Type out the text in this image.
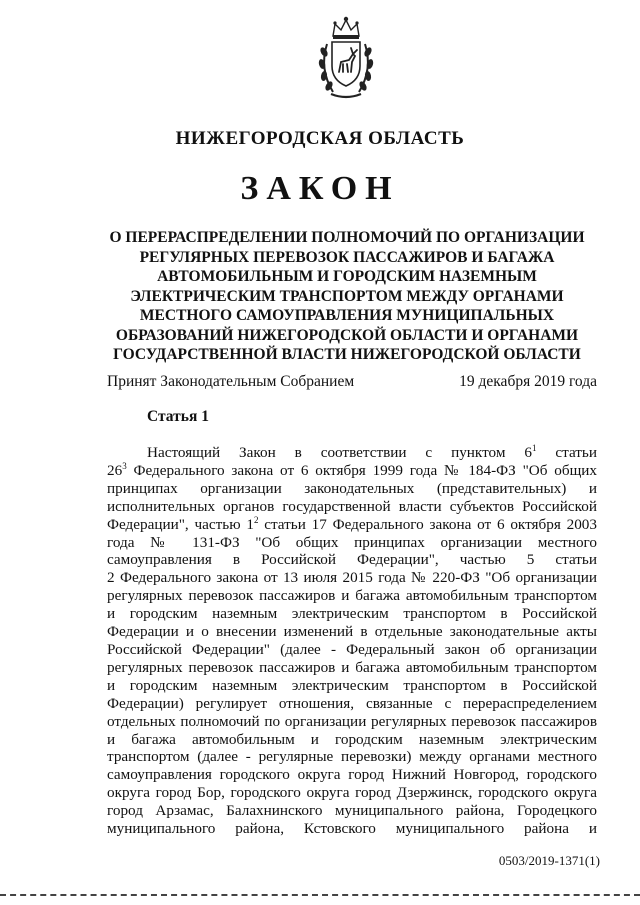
НИЖЕГОРОДСКАЯ ОБЛАСТЬ
ЗАКОН
О ПЕРЕРАСПРЕДЕЛЕНИИ ПОЛНОМОЧИЙ ПО ОРГАНИЗАЦИИ
РЕГУЛЯРНЫХ ПЕРЕВОЗОК ПАССАЖИРОВ И БАГАЖА
АВТОМОБИЛЬНЫМ И ГОРОДСКИМ НАЗЕМНЫМ
ЭЛЕКТРИЧЕСКИМ ТРАНСПОРТОМ МЕЖДУ ОРГАНАМИ
МЕСТНОГО САМОУПРАВЛЕНИЯ МУНИЦИПАЛЬНЫХ
ОБРАЗОВАНИЙ НИЖЕГОРОДСКОЙ ОБЛАСТИ И ОРГАНАМИ
ГОСУДАРСТВЕННОЙ ВЛАСТИ НИЖЕГОРОДСКОЙ ОБЛАСТИ
Принят Законодательным Собранием	19 декабря 2019 года
Статья 1
Настоящий Закон в соответствии с пунктом $6^1$ статьи
$26^3$ Федерального закона от 6 октября 1999 года № 184-ФЗ "Об общих
принципах организации законодательных (представительных) и
исполнительных органов государственной власти субъектов Российской
Федерации", частью $1^2$ статьи 17 Федерального закона от 6 октября 2003
года № 131-ФЗ "Об общих принципах организации местного
самоуправления в Российской Федерации", частью 5 статьи
2 Федерального закона от 13 июля 2015 года № 220-ФЗ "Об организации
регулярных перевозок пассажиров и багажа автомобильным транспортом
и городским наземным электрическим транспортом в Российской
Федерации и о внесении изменений в отдельные законодательные акты
Российской Федерации" (далее - Федеральный закон об организации
регулярных перевозок пассажиров и багажа автомобильным транспортом
и городским наземным электрическим транспортом в Российской
Федерации) регулирует отношения, связанные с перераспределением
отдельных полномочий по организации регулярных перевозок пассажиров
и багажа автомобильным и городским наземным электрическим
транспортом (далее - регулярные перевозки) между органами местного
самоуправления городского округа город Нижний Новгород, городского
округа город Бор, городского округа город Дзержинск, городского округа
город Арзамас, Балахнинского муниципального района, Городецкого
муниципального района, Кстовского муниципального района и
0503/2019-1371(1)
